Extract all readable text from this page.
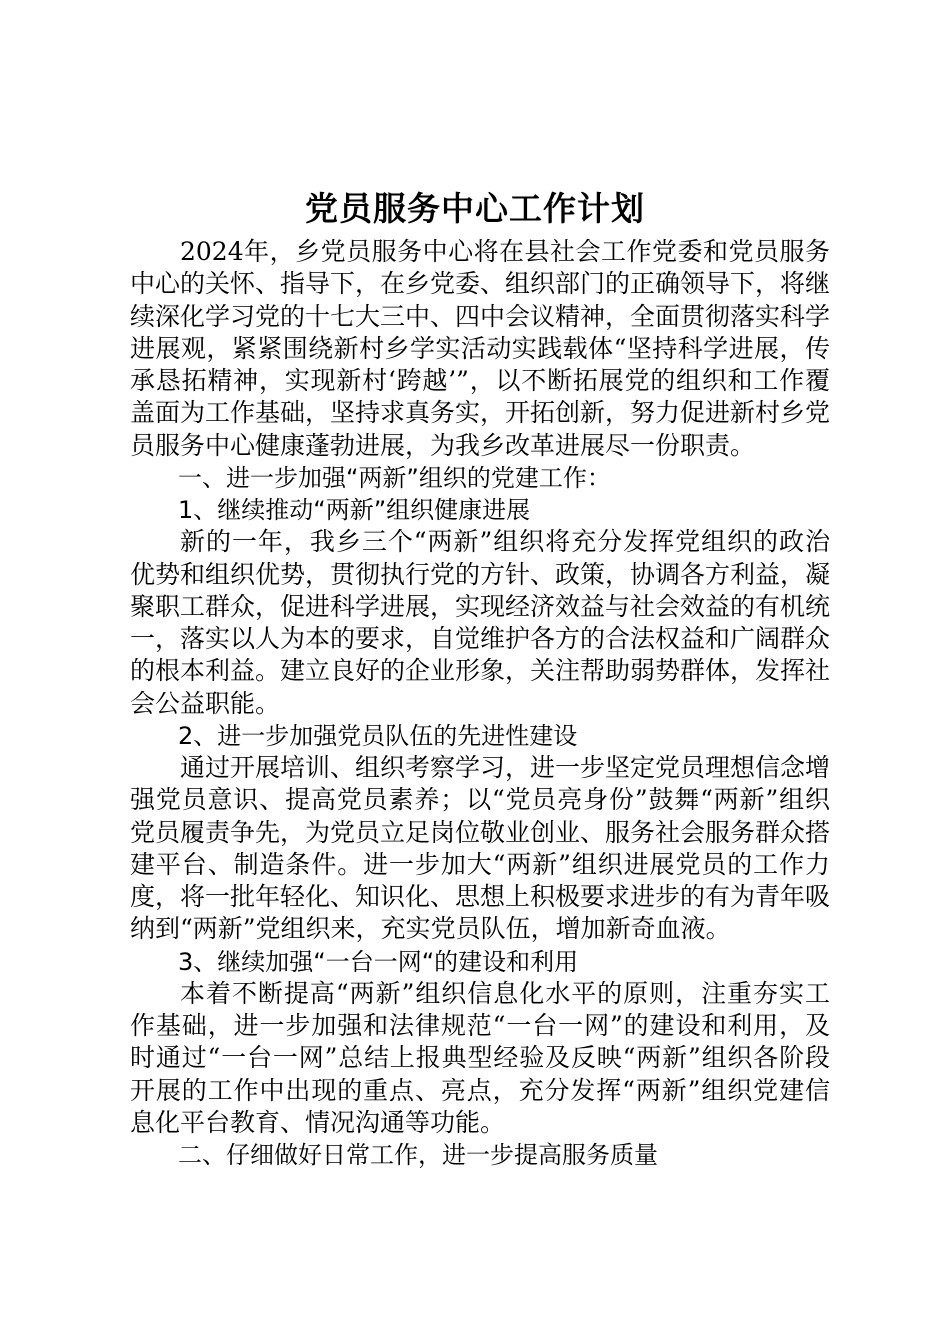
党员服务中心工作计划

2024年，乡党员服务中心将在县社会工作党委和党员服务中心的关怀、指导下，在乡党委、组织部门的正确领导下，将继续深化学习党的十七大三中、四中会议精神，全面贯彻落实科学进展观，紧紧围绕新村乡学实活动实践载体“坚持科学进展，传承恳拓精神，实现新村‘跨越’”，以不断拓展党的组织和工作覆盖面为工作基础，坚持求真务实，开拓创新，努力促进新村乡党员服务中心健康蓬勃进展，为我乡改革进展尽一份职责。

一、进一步加强“两新”组织的党建工作：

1、继续推动“两新”组织健康进展

新的一年，我乡三个“两新”组织将充分发挥党组织的政治优势和组织优势，贯彻执行党的方针、政策，协调各方利益，凝聚职工群众，促进科学进展，实现经济效益与社会效益的有机统一，落实以人为本的要求，自觉维护各方的合法权益和广阔群众的根本利益。建立良好的企业形象，关注帮助弱势群体，发挥社会公益职能。

2、进一步加强党员队伍的先进性建设

通过开展培训、组织考察学习，进一步坚定党员理想信念增强党员意识、提高党员素养；以“党员亮身份”鼓舞“两新”组织党员履责争先，为党员立足岗位敬业创业、服务社会服务群众搭建平台、制造条件。进一步加大“两新”组织进展党员的工作力度，将一批年轻化、知识化、思想上积极要求进步的有为青年吸纳到“两新”党组织来，充实党员队伍，增加新奇血液。

3、继续加强“一台一网“的建设和利用

本着不断提高“两新”组织信息化水平的原则，注重夯实工作基础，进一步加强和法律规范“一台一网”的建设和利用，及时通过“一台一网”总结上报典型经验及反映“两新”组织各阶段开展的工作中出现的重点、亮点，充分发挥“两新”组织党建信息化平台教育、情况沟通等功能。

二、仔细做好日常工作，进一步提高服务质量
